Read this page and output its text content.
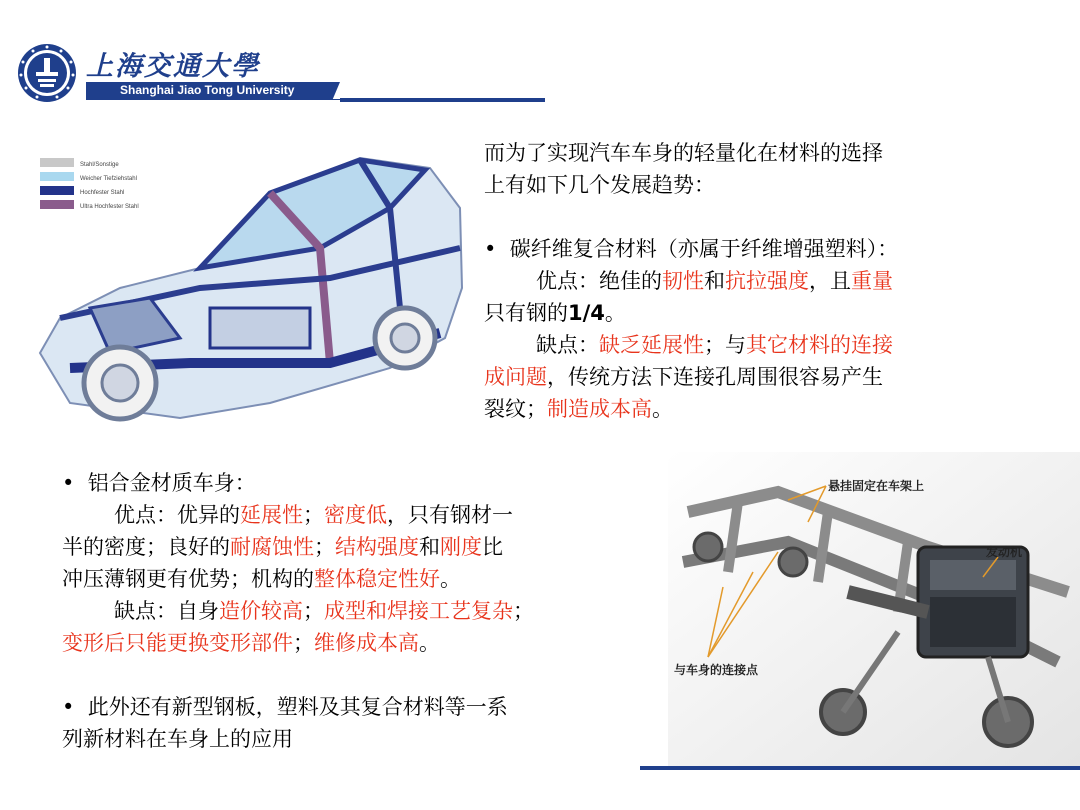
上海交通大學
Shanghai Jiao Tong University
Stahl/Sonstige
Weicher Tiefziehstahl
Hochfester Stahl
Ultra Hochfester Stahl

而为了实现汽车车身的轻量化在材料的选择

上有如下几个发展趋势：

• 碳纤维复合材料（亦属于纤维增强塑料）：

优点：绝佳的韧性和抗拉强度，且重量

只有钢的1/4。

缺点：缺乏延展性；与其它材料的连接

成问题，传统方法下连接孔周围很容易产生

裂纹；制造成本高。

• 铝合金材质车身：

优点：优异的延展性；密度低，只有钢材一

半的密度；良好的耐腐蚀性；结构强度和刚度比

冲压薄钢更有优势；机构的整体稳定性好。

缺点：自身造价较高；成型和焊接工艺复杂；

变形后只能更换变形部件；维修成本高。

• 此外还有新型钢板，塑料及其复合材料等一系

列新材料在车身上的应用

悬挂固定在车架上
发动机
与车身的连接点
